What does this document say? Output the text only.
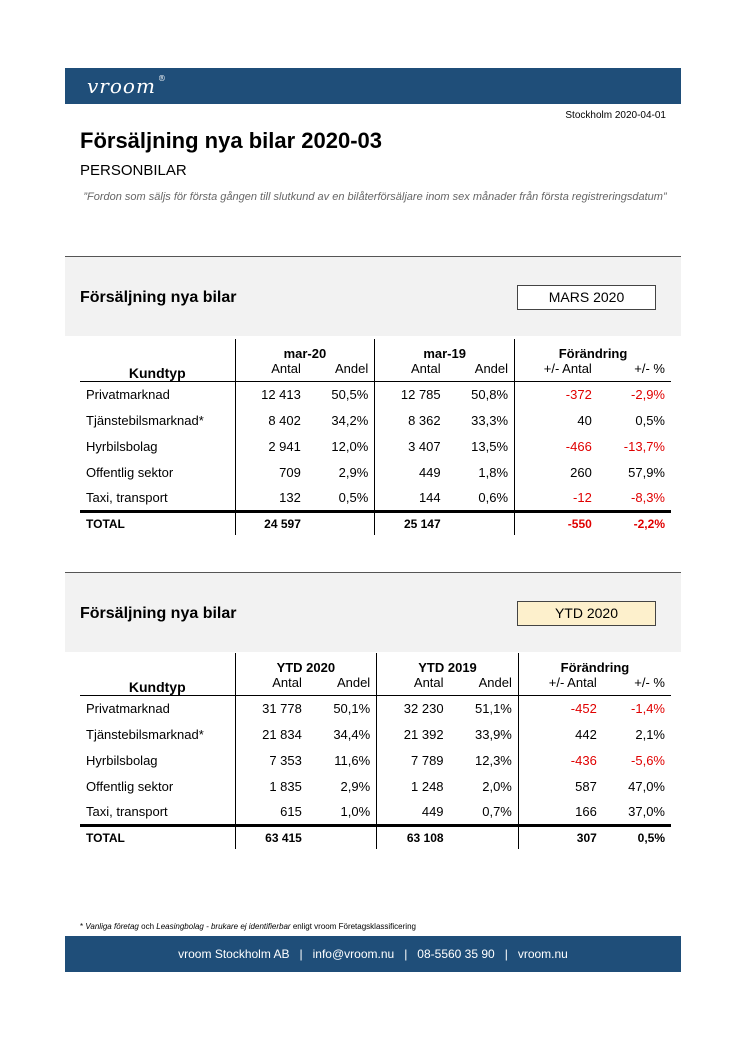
vroom ®
Stockholm 2020-04-01
Försäljning nya bilar 2020-03
PERSONBILAR
”Fordon som säljs för första gången till slutkund av en bilåterförsäljare inom sex månader från första registreringsdatum”
Försäljning nya bilar	MARS 2020
Kundtyp	mar-20		mar-19		Förändring	
	Antal	Andel	Antal	Andel	+/- Antal	+/- %
Privatmarknad	12 413	50,5%	12 785	50,8%	-372	-2,9%
Tjänstebilsmarknad*	8 402	34,2%	8 362	33,3%	40	0,5%
Hyrbilsbolag	2 941	12,0%	3 407	13,5%	-466	-13,7%
Offentlig sektor	709	2,9%	449	1,8%	260	57,9%
Taxi, transport	132	0,5%	144	0,6%	-12	-8,3%
TOTAL	24 597		25 147		-550	-2,2%
Försäljning nya bilar	YTD 2020
Kundtyp	YTD 2020		YTD 2019		Förändring	
	Antal	Andel	Antal	Andel	+/- Antal	+/- %
Privatmarknad	31 778	50,1%	32 230	51,1%	-452	-1,4%
Tjänstebilsmarknad*	21 834	34,4%	21 392	33,9%	442	2,1%
Hyrbilsbolag	7 353	11,6%	7 789	12,3%	-436	-5,6%
Offentlig sektor	1 835	2,9%	1 248	2,0%	587	47,0%
Taxi, transport	615	1,0%	449	0,7%	166	37,0%
TOTAL	63 415		63 108		307	0,5%
* Vanliga företag och Leasingbolag - brukare ej identifierbar enligt vroom Företagsklassificering
vroom Stockholm AB   |   info@vroom.nu   |   08-5560 35 90   |   vroom.nu
